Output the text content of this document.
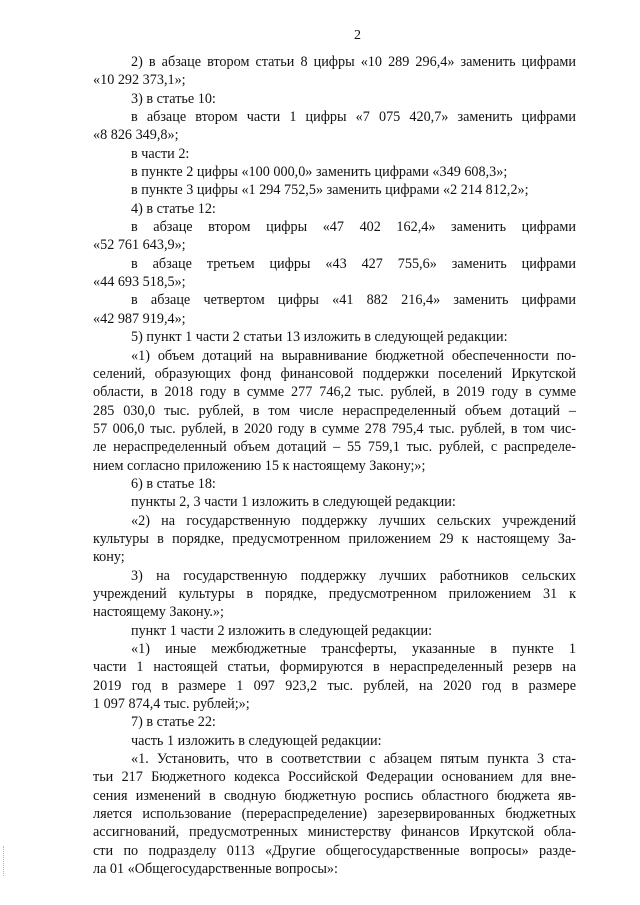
2
2) в абзаце втором статьи 8 цифры «10 289 296,4» заменить цифрами
«10 292 373,1»;
3) в статье 10:
в абзаце втором части 1 цифры «7 075 420,7» заменить цифрами
«8 826 349,8»;
в части 2:
в пункте 2 цифры «100 000,0» заменить цифрами «349 608,3»;
в пункте 3 цифры «1 294 752,5» заменить цифрами «2 214 812,2»;
4) в статье 12:
в абзаце втором цифры «47 402 162,4» заменить цифрами
«52 761 643,9»;
в абзаце третьем цифры «43 427 755,6» заменить цифрами
«44 693 518,5»;
в абзаце четвертом цифры «41 882 216,4» заменить цифрами
«42 987 919,4»;
5) пункт 1 части 2 статьи 13 изложить в следующей редакции:
«1) объем дотаций на выравнивание бюджетной обеспеченности по-
селений, образующих фонд финансовой поддержки поселений Иркутской
области, в 2018 году в сумме 277 746,2 тыс. рублей, в 2019 году в сумме
285 030,0 тыс. рублей, в том числе нераспределенный объем дотаций –
57 006,0 тыс. рублей, в 2020 году в сумме 278 795,4 тыс. рублей, в том чис-
ле нераспределенный объем дотаций – 55 759,1 тыс. рублей, с распределе-
нием согласно приложению 15 к настоящему Закону;»;
6) в статье 18:
пункты 2, 3 части 1 изложить в следующей редакции:
«2) на государственную поддержку лучших сельских учреждений
культуры в порядке, предусмотренном приложением 29 к настоящему За-
кону;
3) на государственную поддержку лучших работников сельских
учреждений культуры в порядке, предусмотренном приложением 31 к
настоящему Закону.»;
пункт 1 части 2 изложить в следующей редакции:
«1) иные межбюджетные трансферты, указанные в пункте 1
части 1 настоящей статьи, формируются в нераспределенный резерв на
2019 год в размере 1 097 923,2 тыс. рублей, на 2020 год в размере
1 097 874,4 тыс. рублей;»;
7) в статье 22:
часть 1 изложить в следующей редакции:
«1. Установить, что в соответствии с абзацем пятым пункта 3 ста-
тьи 217 Бюджетного кодекса Российской Федерации основанием для вне-
сения изменений в сводную бюджетную роспись областного бюджета яв-
ляется использование (перераспределение) зарезервированных бюджетных
ассигнований, предусмотренных министерству финансов Иркутской обла-
сти по подразделу 0113 «Другие общегосударственные вопросы» разде-
ла 01 «Общегосударственные вопросы»:
